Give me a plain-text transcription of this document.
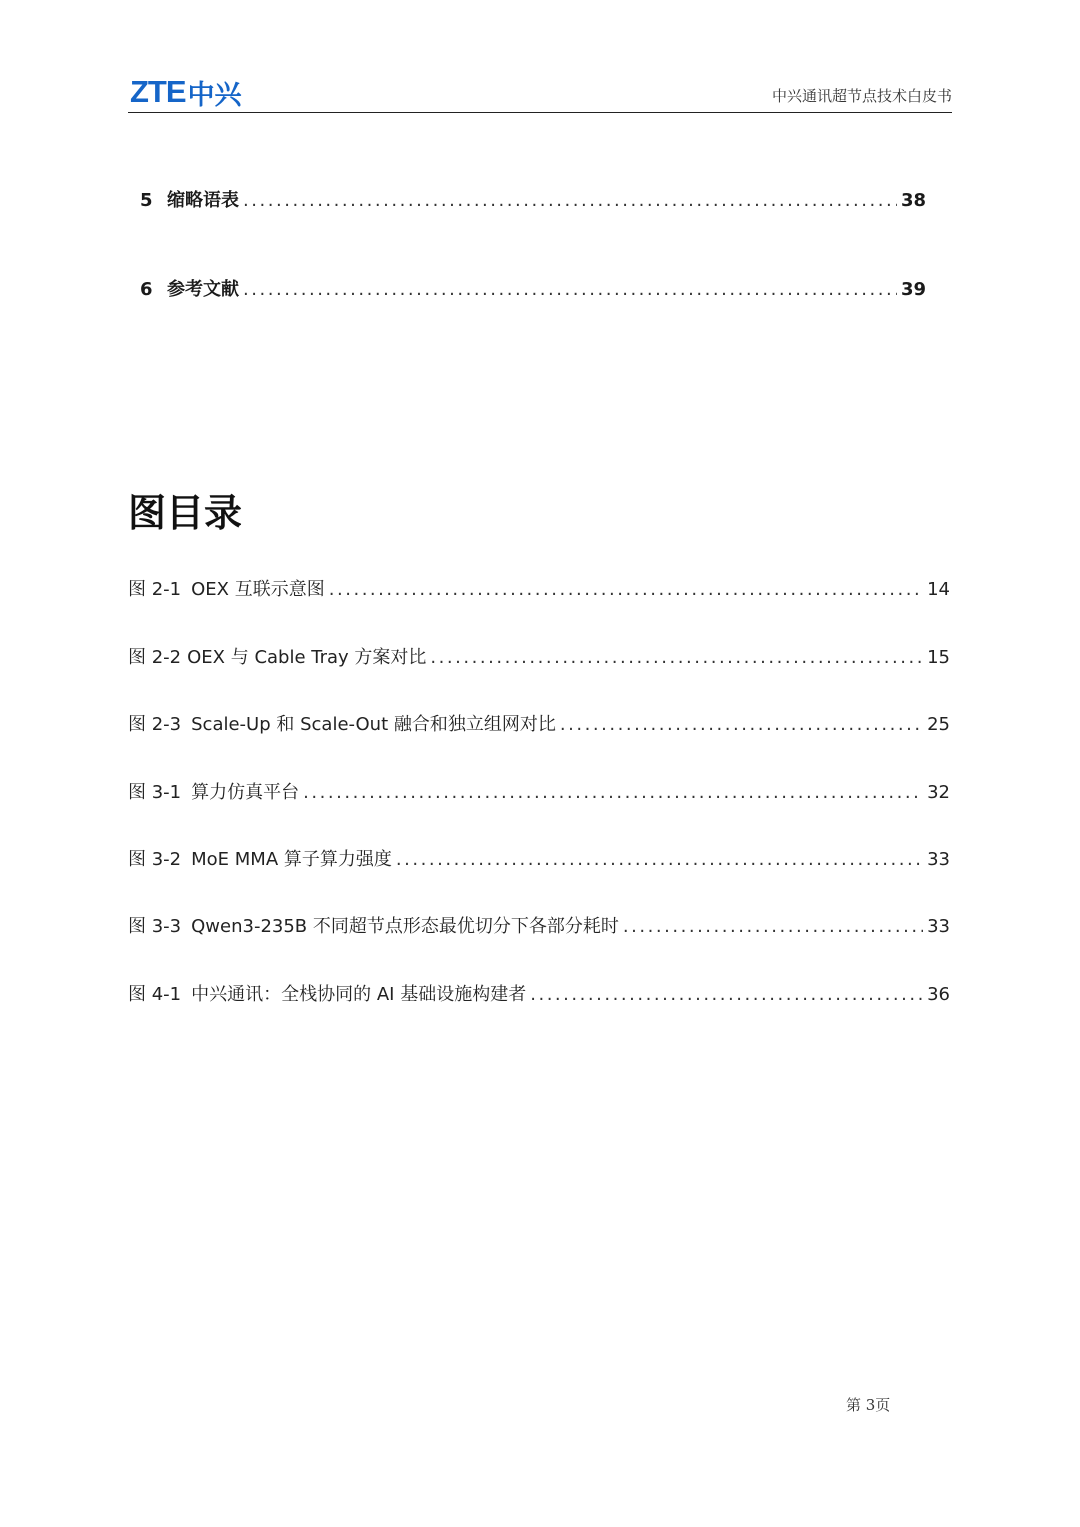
ZTE 中兴	中兴通讯超节点技术白皮书
5 缩略语表 . . .	38
6 参考文献 . . .	39
图目录
图 2-1 OEX 互联示意图 . . .	14
图 2-2 OEX 与 Cable Tray 方案对比 . . .	15
图 2-3 Scale-Up 和 Scale-Out 融合和独立组网对比 . . .	25
图 3-1 算力仿真平台 . . .	32
图 3-2 MoE MMA 算子算力强度 . . .	33
图 3-3 Qwen3-235B 不同超节点形态最优切分下各部分耗时 . . .	33
图 4-1 中兴通讯：全栈协同的 AI 基础设施构建者 . . .	36
第 3页
